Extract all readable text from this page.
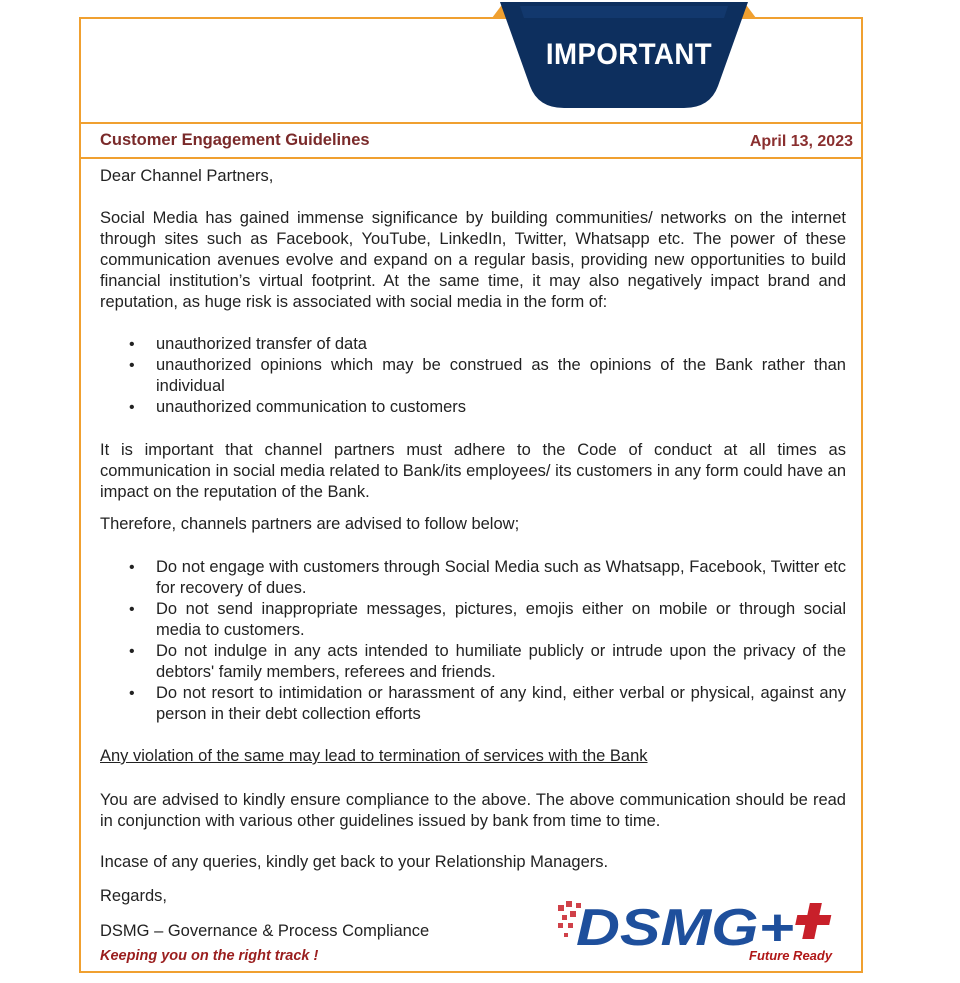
IMPORTANT
Customer Engagement Guidelines	April 13, 2023
Dear Channel Partners,
Social Media has gained immense significance by building communities/ networks on the internet through sites such as Facebook, YouTube, LinkedIn, Twitter, Whatsapp etc. The power of these communication avenues evolve and expand on a regular basis, providing new opportunities to build financial institution’s virtual footprint. At the same time, it may also negatively impact brand and reputation, as huge risk is associated with social media in the form of:
• unauthorized transfer of data
• unauthorized opinions which may be construed as the opinions of the Bank rather than individual
• unauthorized communication to customers
It is important that channel partners must adhere to the Code of conduct at all times as communication in social media related to Bank/its employees/ its customers in any form could have an impact on the reputation of the Bank.
Therefore, channels partners are advised to follow below;
• Do not engage with customers through Social Media such as Whatsapp, Facebook, Twitter etc for recovery of dues.
• Do not send inappropriate messages, pictures, emojis either on mobile or through social media to customers.
• Do not indulge in any acts intended to humiliate publicly or intrude upon the privacy of the debtors' family members, referees and friends.
• Do not resort to intimidation or harassment of any kind, either verbal or physical, against any person in their debt collection efforts
Any violation of the same may lead to termination of services with the Bank
You are advised to kindly ensure compliance to the above. The above communication should be read in conjunction with various other guidelines issued by bank from time to time.
Incase of any queries, kindly get back to your Relationship Managers.
Regards,
DSMG – Governance & Process Compliance
Keeping you on the right track !	DSMG+
Future Ready
